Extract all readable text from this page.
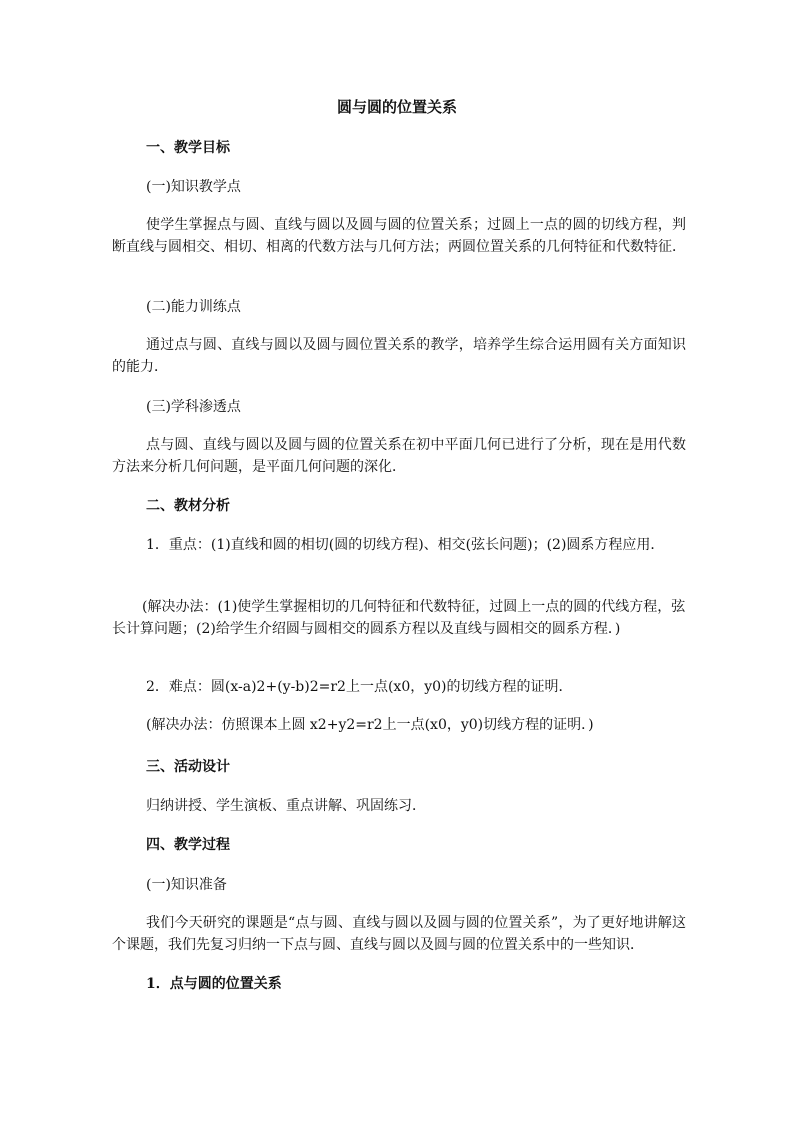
圆与圆的位置关系
一、教学目标
(一)知识教学点
使学生掌握点与圆、直线与圆以及圆与圆的位置关系；过圆上一点的圆的切线方程，判断直线与圆相交、相切、相离的代数方法与几何方法；两圆位置关系的几何特征和代数特征．
(二)能力训练点
通过点与圆、直线与圆以及圆与圆位置关系的教学，培养学生综合运用圆有关方面知识的能力．
(三)学科渗透点
点与圆、直线与圆以及圆与圆的位置关系在初中平面几何已进行了分析，现在是用代数方法来分析几何问题，是平面几何问题的深化．
二、教材分析
1．重点：(1)直线和圆的相切(圆的切线方程)、相交(弦长问题)；(2)圆系方程应用．
(解决办法：(1)使学生掌握相切的几何特征和代数特征，过圆上一点的圆的代线方程，弦长计算问题；(2)给学生介绍圆与圆相交的圆系方程以及直线与圆相交的圆系方程．)
2．难点：圆(x-a)2+(y-b)2=r2上一点(x0，y0)的切线方程的证明．
(解决办法：仿照课本上圆 x2+y2=r2上一点(x0，y0)切线方程的证明．)
三、活动设计
归纳讲授、学生演板、重点讲解、巩固练习．
四、教学过程
(一)知识准备
我们今天研究的课题是“点与圆、直线与圆以及圆与圆的位置关系”，为了更好地讲解这个课题，我们先复习归纳一下点与圆、直线与圆以及圆与圆的位置关系中的一些知识．
1．点与圆的位置关系
